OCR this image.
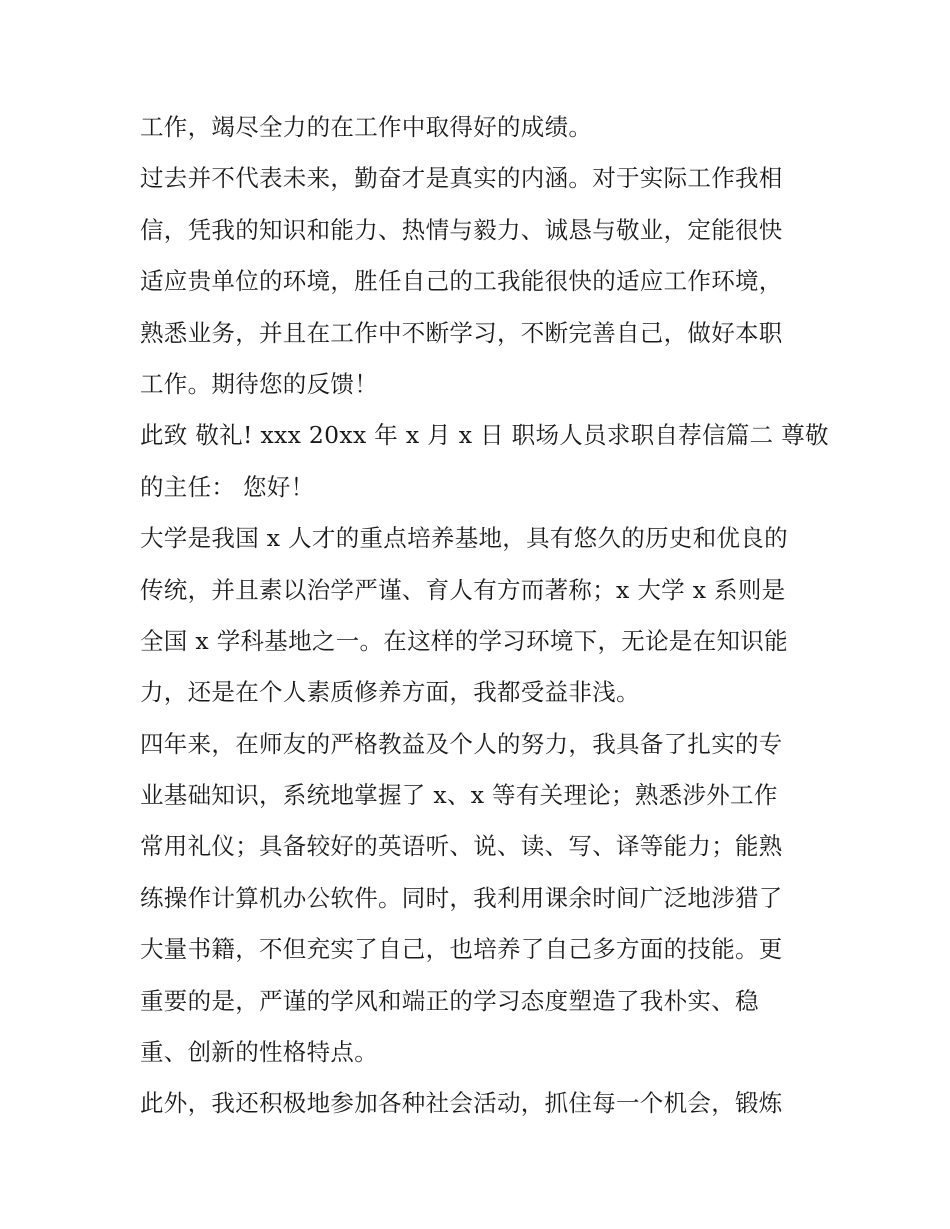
工作，竭尽全力的在工作中取得好的成绩。
过去并不代表未来，勤奋才是真实的内涵。对于实际工作我相
信，凭我的知识和能力、热情与毅力、诚恳与敬业，定能很快
适应贵单位的环境，胜任自己的工我能很快的适应工作环境，
熟悉业务，并且在工作中不断学习，不断完善自己，做好本职
工作。期待您的反馈！
此致 敬礼! xxx 20xx 年 x 月 x 日 职场人员求职自荐信篇二 尊敬
的主任： 您好！
大学是我国 x 人才的重点培养基地，具有悠久的历史和优良的
传统，并且素以治学严谨、育人有方而著称；x 大学 x 系则是
全国 x 学科基地之一。在这样的学习环境下，无论是在知识能
力，还是在个人素质修养方面，我都受益非浅。
四年来，在师友的严格教益及个人的努力，我具备了扎实的专
业基础知识，系统地掌握了 x、x 等有关理论；熟悉涉外工作
常用礼仪；具备较好的英语听、说、读、写、译等能力；能熟
练操作计算机办公软件。同时，我利用课余时间广泛地涉猎了
大量书籍，不但充实了自己，也培养了自己多方面的技能。更
重要的是，严谨的学风和端正的学习态度塑造了我朴实、稳
重、创新的性格特点。
此外，我还积极地参加各种社会活动，抓住每一个机会，锻炼
